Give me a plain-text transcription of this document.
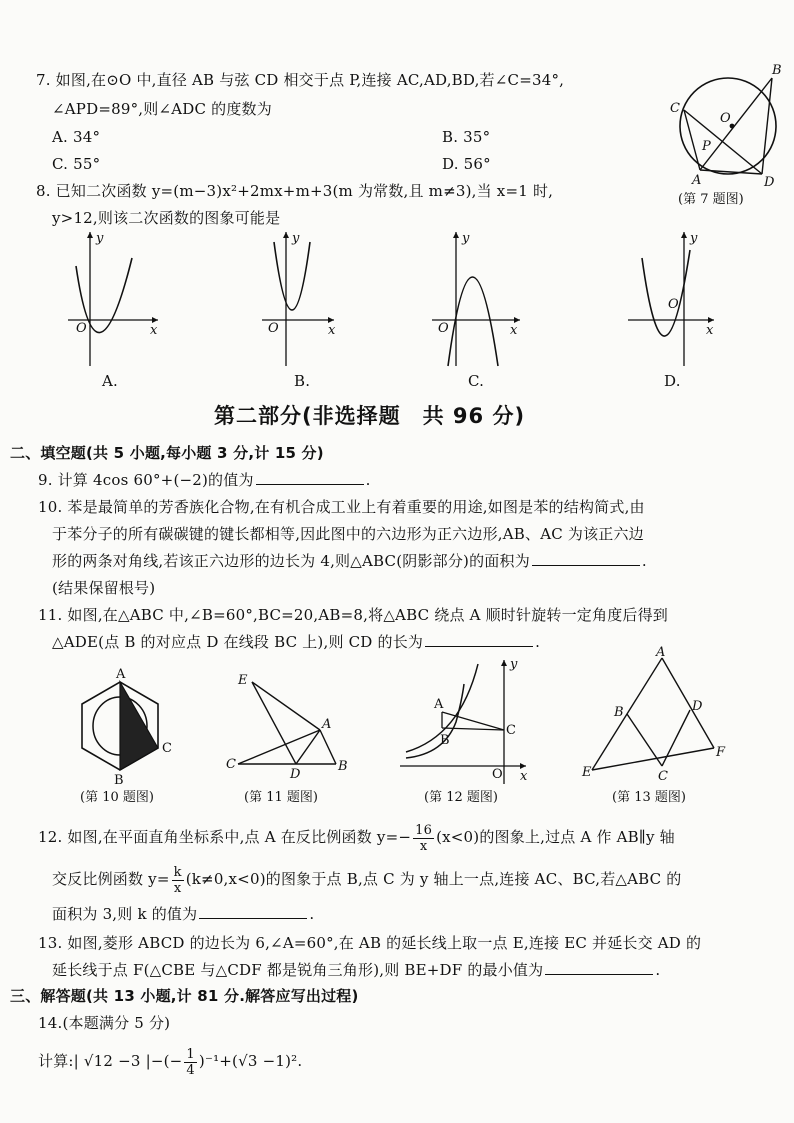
7. 如图,在⊙O 中,直径 AB 与弦 CD 相交于点 P,连接 AC,AD,BD,若∠C=34°,
∠APD=89°,则∠ADC 的度数为
A. 34°	B. 35°
C. 55°	D. 56°
A
B
C
D
O
P
(第 7 题图)
8. 已知二次函数 y=(m−3)x²+2mx+m+3(m 为常数,且 m≠3),当 x=1 时,
y>12,则该二次函数的图象可能是
y
x
O
A.
y
x
O
B.
y
x
O
C.
y
x
O
D.
第二部分(非选择题　共 96 分)
二、填空题(共 5 小题,每小题 3 分,计 15 分)
9. 计算 4cos 60°+(−2)的值为	.
10. 苯是最简单的芳香族化合物,在有机合成工业上有着重要的用途,如图是苯的结构简式,由
于苯分子的所有碳碳键的键长都相等,因此图中的六边形为正六边形,AB、AC 为该正六边
形的两条对角线,若该正六边形的边长为 4,则△ABC(阴影部分)的面积为	.
(结果保留根号)
11. 如图,在△ABC 中,∠B=60°,BC=20,AB=8,将△ABC 绕点 A 顺时针旋转一定角度后得到
△ADE(点 B 的对应点 D 在线段 BC 上),则 CD 的长为	.
A
B
C
(第 10 题图)
E
A
C
D
B
(第 11 题图)
y
x
O
A
B
C
(第 12 题图)
A
B	D
C
E
F
(第 13 题图)
12. 如图,在平面直角坐标系中,点 A 在反比例函数 $y=- \frac{16}{x} (x<0)$的图象上,过点 A 作 AB∥y 轴
交反比例函数 $y= \frac{k}{x} (k\ne 0,x<0)$的图象于点 B,点 C 为 y 轴上一点,连接 AC、BC,若△ABC 的
面积为 3,则 k 的值为	.
13. 如图,菱形 ABCD 的边长为 6,∠A=60°,在 AB 的延长线上取一点 E,连接 EC 并延长交 AD 的
延长线于点 F(△CBE 与△CDF 都是锐角三角形),则 BE+DF 的最小值为	.
三、解答题(共 13 小题,计 81 分.解答应写出过程)
14.(本题满分 5 分)
计算:| √12 −3 |−(− $\frac{1}{4} )^{-1}+(√3 -1)^2$.
